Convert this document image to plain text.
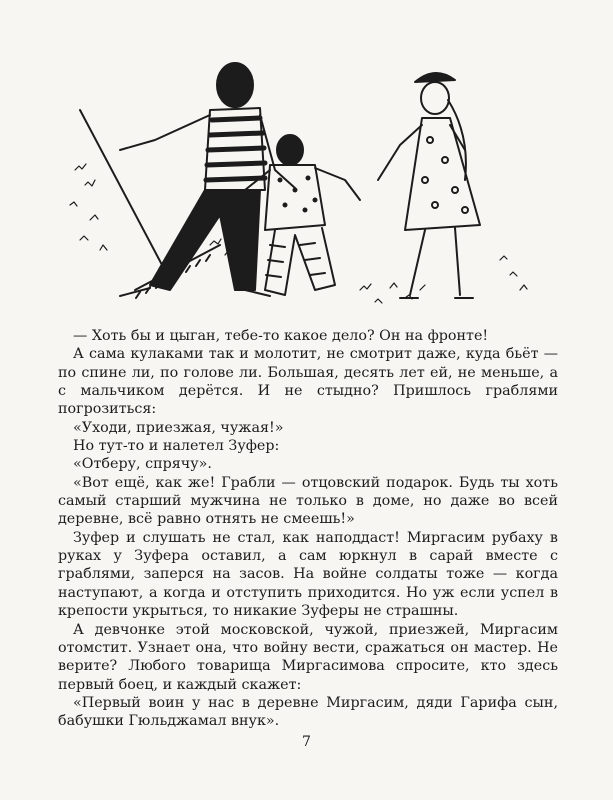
— Хоть бы и цыган, тебе-то какое дело? Он на фронте!

А сама кулаками так и молотит, не смотрит даже, куда бьёт — по спине ли, по голове ли. Большая, десять лет ей, не меньше, а с мальчиком дерётся. И не стыдно? Пришлось граблями погрозиться:

«Уходи, приезжая, чужая!»

Но тут-то и налетел Зуфер:

«Отберу, спрячу».

«Вот ещё, как же! Грабли — отцовский подарок. Будь ты хоть самый старший мужчина не только в доме, но даже во всей деревне, всё равно отнять не смеешь!»

Зуфер и слушать не стал, как наподдаст! Миргасим рубаху в руках у Зуфера оставил, а сам юркнул в сарай вместе с граблями, заперся на засов. На войне солдаты тоже — когда наступают, а когда и отступить приходится. Но уж если успел в крепости укрыться, то никакие Зуферы не страшны.

А девчонке этой московской, чужой, приезжей, Миргасим отомстит. Узнает она, что войну вести, сражаться он мастер. Не верите? Любого товарища Миргасимова спросите, кто здесь первый боец, и каждый скажет:

«Первый воин у нас в деревне Миргасим, дяди Гарифа сын, бабушки Гюльджамал внук».

7
